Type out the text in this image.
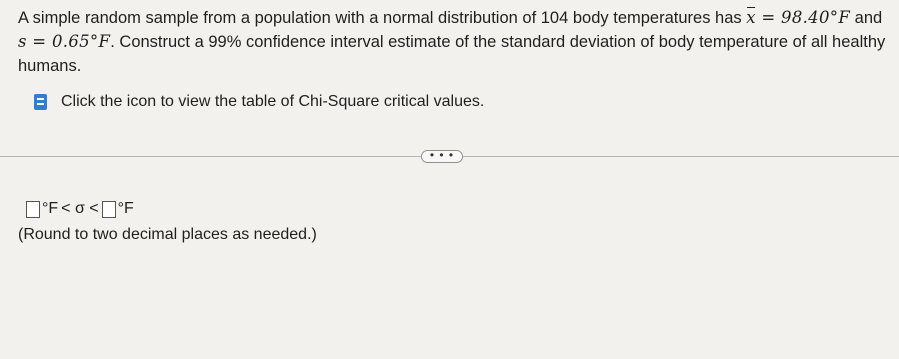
A simple random sample from a population with a normal distribution of 104 body temperatures has x = 98.40°F and s = 0.65°F. Construct a 99% confidence interval estimate of the standard deviation of body temperature of all healthy humans.
Click the icon to view the table of Chi-Square critical values.
• • •
°F < σ < °F
(Round to two decimal places as needed.)
